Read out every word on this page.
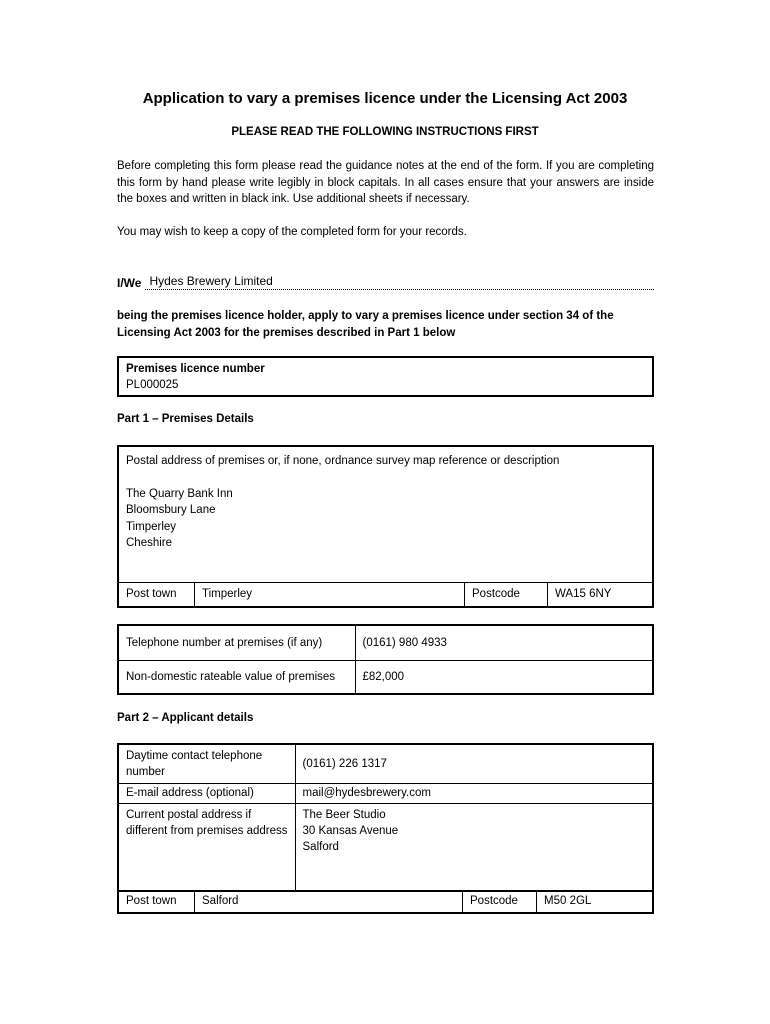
Application to vary a premises licence under the Licensing Act 2003
PLEASE READ THE FOLLOWING INSTRUCTIONS FIRST
Before completing this form please read the guidance notes at the end of the form. If you are completing this form by hand please write legibly in block capitals. In all cases ensure that your answers are inside the boxes and written in black ink. Use additional sheets if necessary.
You may wish to keep a copy of the completed form for your records.
I/We Hydes Brewery Limited
being the premises licence holder, apply to vary a premises licence under section 34 of the Licensing Act 2003 for the premises described in Part 1 below
Premises licence number
PL000025
Part 1 – Premises Details
Postal address of premises or, if none, ordnance survey map reference or description
The Quarry Bank Inn
Bloomsbury Lane
Timperley
Cheshire
Post town	Timperley	Postcode	WA15 6NY
Telephone number at premises (if any)	(0161) 980 4933
Non-domestic rateable value of premises	£82,000
Part 2 – Applicant details
Daytime contact telephone number	(0161) 226 1317
E-mail address (optional)	mail@hydesbrewery.com
Current postal address if different from premises address	The Beer Studio
30 Kansas Avenue
Salford
Post town	Salford	Postcode	M50 2GL
